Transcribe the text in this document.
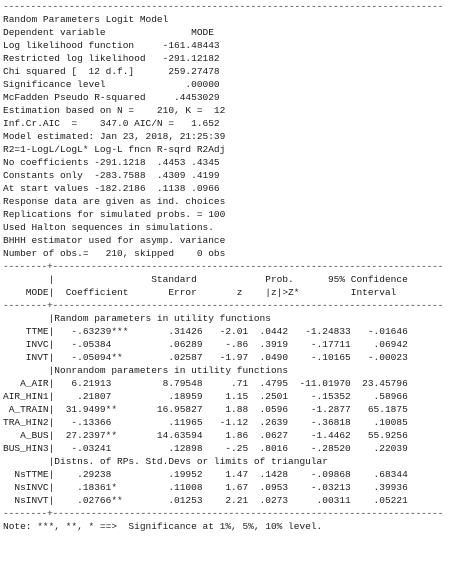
--------------------------------------------------------------------------------
Random Parameters Logit Model
Dependent variable               MODE
Log likelihood function     -161.48443
Restricted log likelihood   -291.12182
Chi squared [  12 d.f.]      259.27478
Significance level              .00000
McFadden Pseudo R-squared     .4453029
Estimation based on N =    210, K =  12
Inf.Cr.AIC  =    347.0 AIC/N =   1.652
Model estimated: Jan 23, 2018, 21:25:39
R2=1-LogL/LogL* Log-L fncn R-sqrd R2Adj
No coefficients -291.1218  .4453 .4345
Constants only  -283.7588  .4309 .4199
At start values -182.2186  .1138 .0966
Response data are given as ind. choices
Replications for simulated probs. = 100
Used Halton sequences in simulations.
BHHH estimator used for asymp. variance
Number of obs.=   210, skipped    0 obs
--------+-----------------------------------------------------------------------
|                 Standard            Prob.      95% Confidence
MODE|  Coefficient       Error       z    |z|>Z*         Interval
--------+-----------------------------------------------------------------------
|Random parameters in utility functions
TTME|   -.63239***       .31426   -2.01  .0442   -1.24833   -.01646
INVC|   -.05384          .06289    -.86  .3919    -.17711    .06942
INVT|   -.05094**        .02587   -1.97  .0490    -.10165   -.00023
|Nonrandom parameters in utility functions
A_AIR|   6.21913         8.79548     .71  .4795  -11.01970  23.45796
AIR_HIN1|    .21807          .18959    1.15  .2501    -.15352    .58966
A_TRAIN|  31.9499**       16.95827    1.88  .0596    -1.2877   65.1875
TRA_HIN2|   -.13366          .11965   -1.12  .2639    -.36818    .10085
A_BUS|  27.2397**       14.63594    1.86  .0627    -1.4462   55.9256
BUS_HIN3|   -.03241          .12898    -.25  .8016    -.28520    .22039
|Distns. of RPs. Std.Devs or limits of triangular
NsTTME|    .29238          .19952    1.47  .1428    -.09868    .68344
NsINVC|    .18361*         .11008    1.67  .0953    -.03213    .39936
NsINVT|    .02766**        .01253    2.21  .0273     .00311    .05221
--------+-----------------------------------------------------------------------
Note: ***, **, * ==>  Significance at 1%, 5%, 10% level.
